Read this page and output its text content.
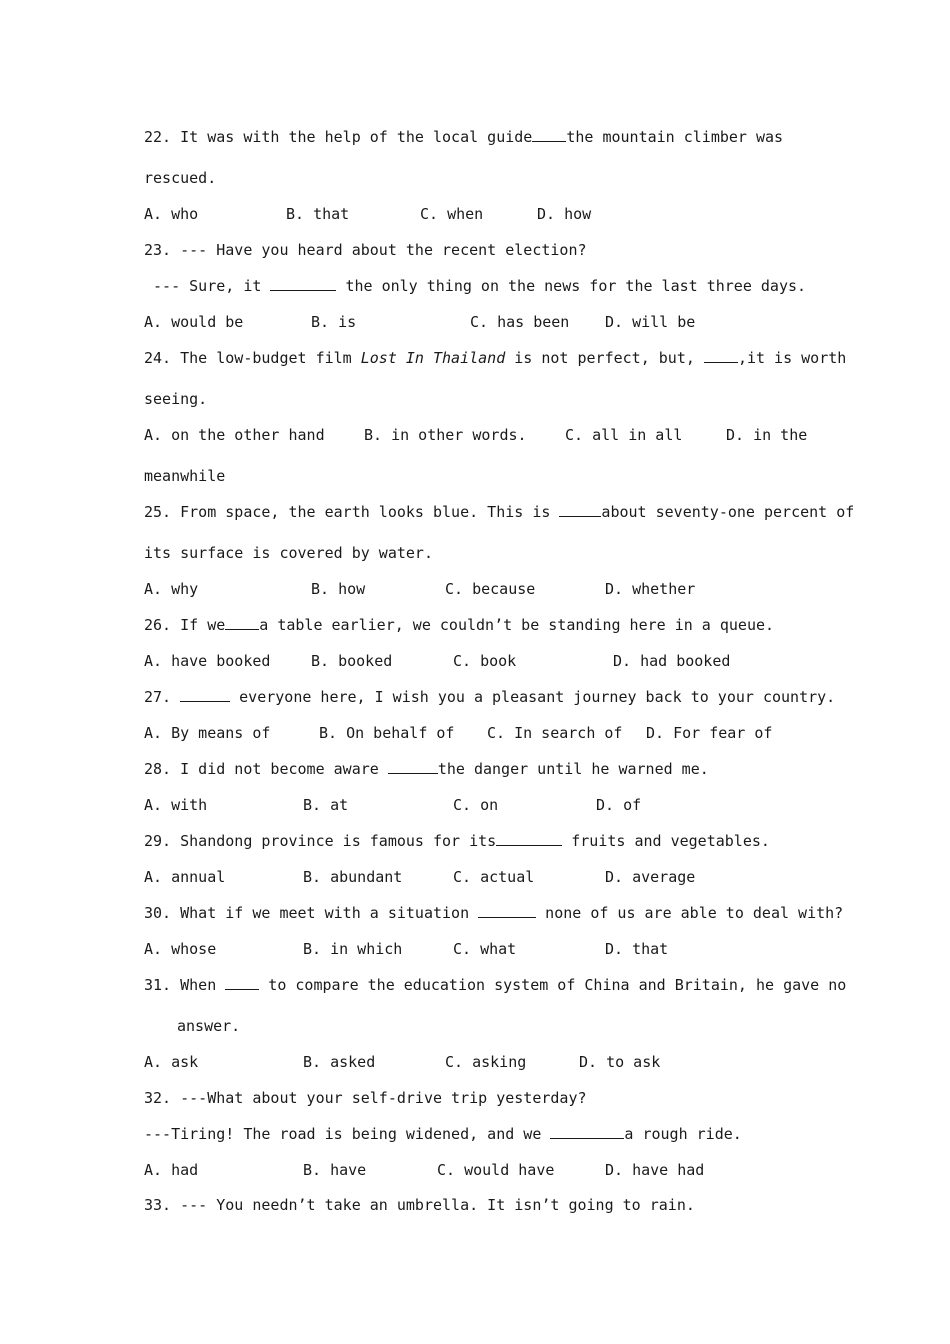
22. It was with the help of the local guide the mountain climber was
rescued.
A. who	B. that	C. when	D. how
23. --- Have you heard about the recent election?
--- Sure, it	the only thing on the news for the last three days.
A. would be	B. is	C. has been D. will be
24. The low-budget film Lost In Thailand is not perfect, but, ,it is worth
seeing.
A. on the other hand	B. in other words.	C. all in all	D. in the
meanwhile
25. From space, the earth looks blue. This is	about seventy-one percent of
its surface is covered by water.
A. why	B. how	C. because	D. whether
26. If we a table earlier, we couldn’t be standing here in a queue.
A. have booked	B. booked	C. book	D. had booked
27.	everyone here, I wish you a pleasant journey back to your country.
A. By means of	B. On behalf of C. In search of D. For fear of
28. I did not become aware	the danger until he warned me.
A. with	B. at	C. on	D. of
29. Shandong province is famous for its	fruits and vegetables.
A. annual	B. abundant	C. actual	D. average
30. What if we meet with a situation	none of us are able to deal with?
A. whose	B. in which	C. what	D. that
31. When  to compare the education system of China and Britain, he gave no
answer.
A. ask	B. asked	C. asking	D. to ask
32. ---What about your self-drive trip yesterday?
---Tiring! The road is being widened, and we	a rough ride.
A. had	B. have	C. would have	D. have had
33. --- You needn’t take an umbrella. It isn’t going to rain.
